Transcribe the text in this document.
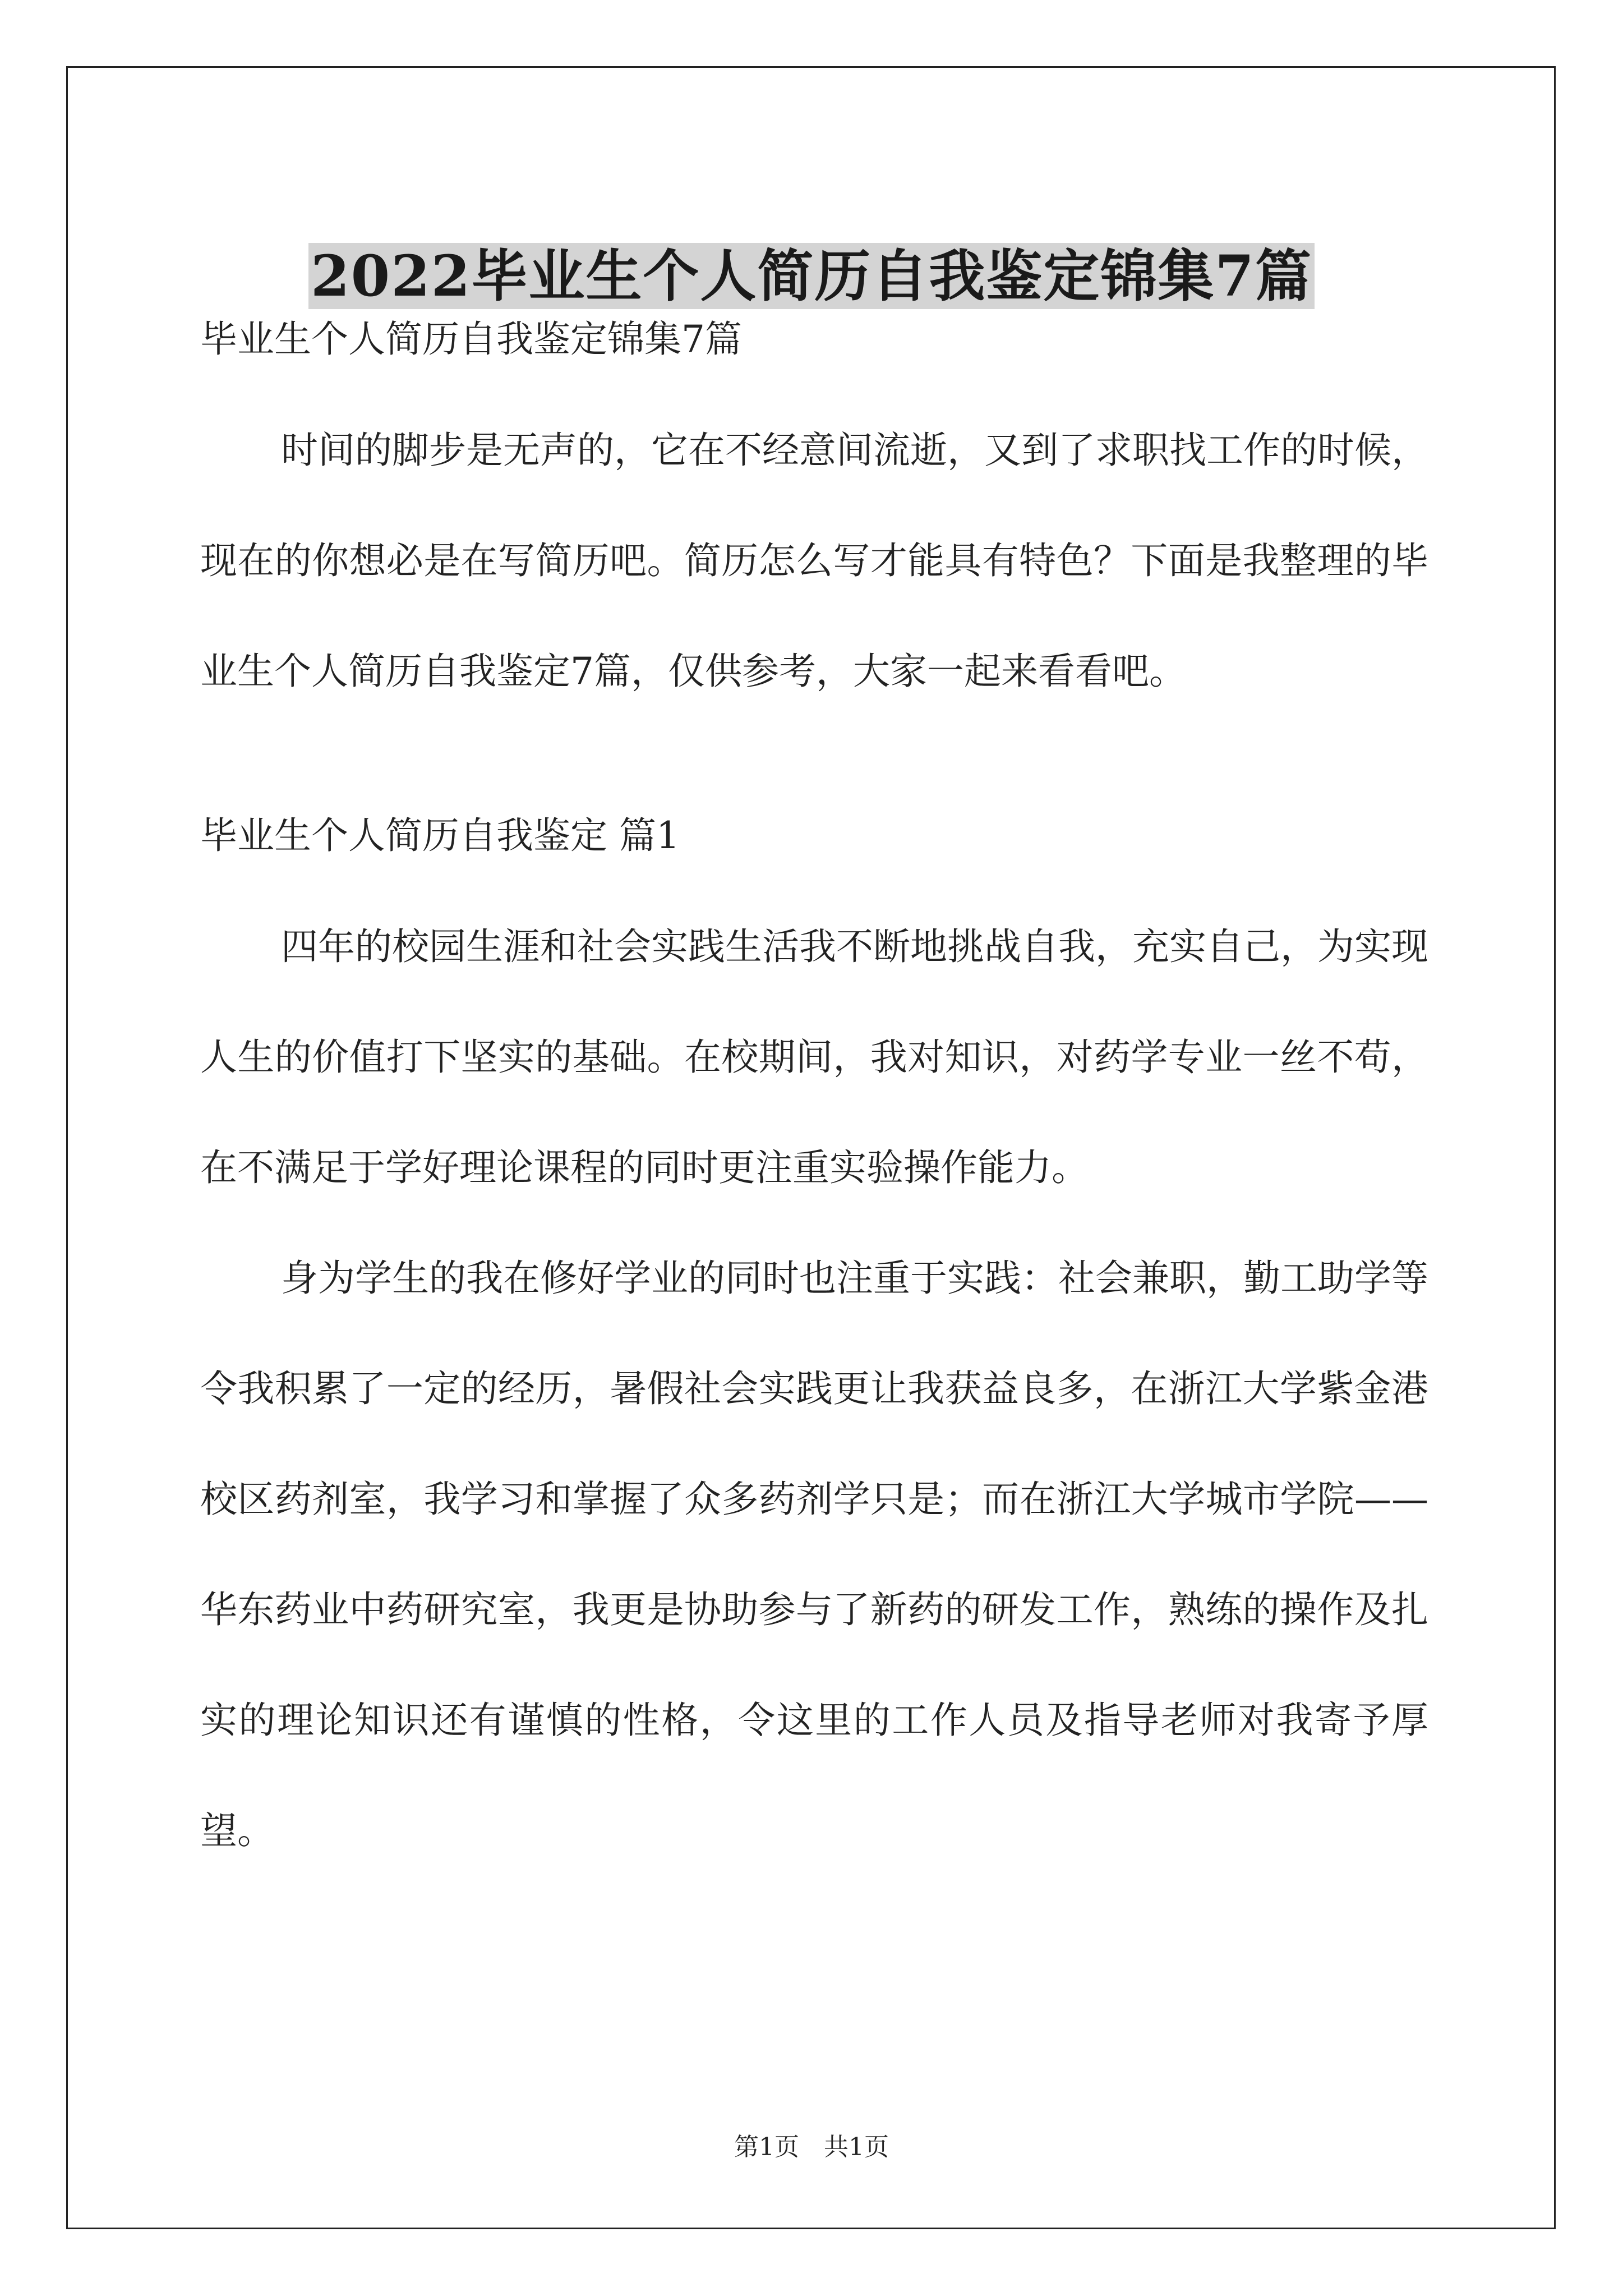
2022毕业生个人简历自我鉴定锦集7篇

毕业生个人简历自我鉴定锦集7篇

时间的脚步是无声的，它在不经意间流逝，又到了求职找工作的时候，现在的你想必是在写简历吧。简历怎么写才能具有特色？下面是我整理的毕业生个人简历自我鉴定7篇，仅供参考，大家一起来看看吧。

毕业生个人简历自我鉴定 篇1

四年的校园生涯和社会实践生活我不断地挑战自我，充实自己，为实现人生的价值打下坚实的基础。在校期间，我对知识，对药学专业一丝不苟，在不满足于学好理论课程的同时更注重实验操作能力。

身为学生的我在修好学业的同时也注重于实践：社会兼职，勤工助学等令我积累了一定的经历，暑假社会实践更让我获益良多，在浙江大学紫金港校区药剂室，我学习和掌握了众多药剂学只是；而在浙江大学城市学院——华东药业中药研究室，我更是协助参与了新药的研发工作，熟练的操作及扎实的理论知识还有谨慎的性格，令这里的工作人员及指导老师对我寄予厚望。

第1页　共1页
